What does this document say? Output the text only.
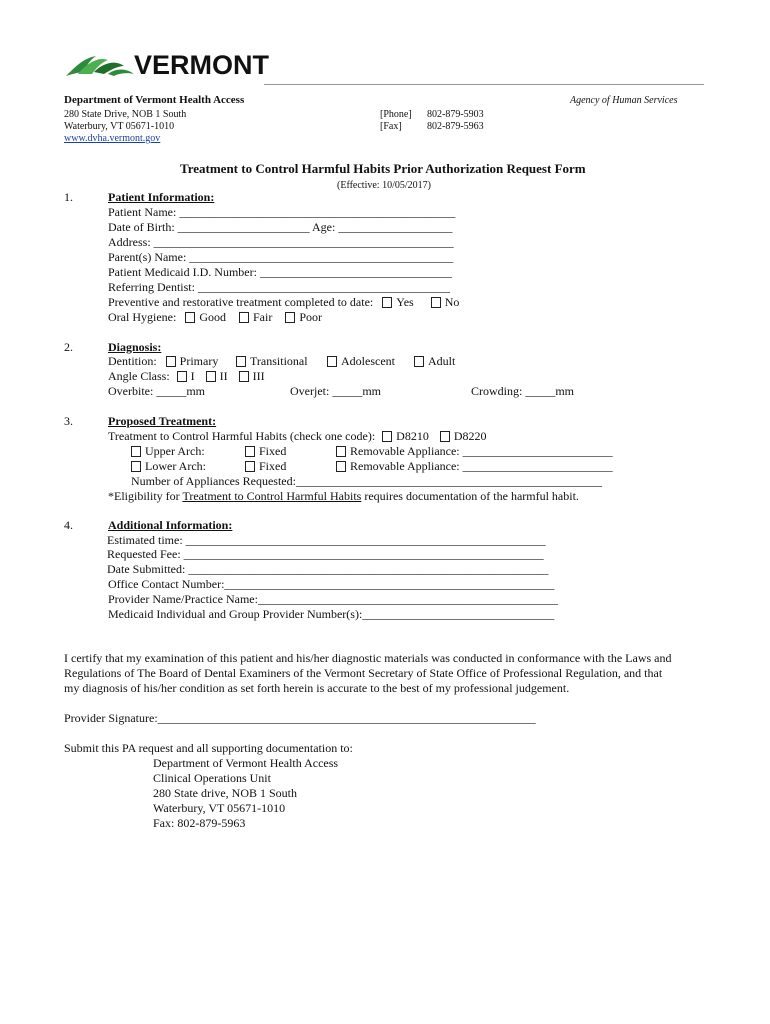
VERMONT
Department of Vermont Health Access	Agency of Human Services
280 State Drive, NOB 1 South
Waterbury, VT 05671-1010
www.dvha.vermont.gov
[Phone] 802-879-5903
[Fax]	802-879-5963
Treatment to Control Harmful Habits Prior Authorization Request Form
(Effective: 10/05/2017)
1.	Patient Information:
Patient Name: ______________________________________________
Date of Birth: ______________________ Age: ___________________
Address: __________________________________________________
Parent(s) Name: ____________________________________________
Patient Medicaid I.D. Number: ________________________________
Referring Dentist: __________________________________________
Preventive and restorative treatment completed to date: Yes	No
Oral Hygiene: Good Fair Poor
2.	Diagnosis:
Dentition: Primary	Transitional	Adolescent	Adult
Angle Class: I II III
Overbite: _____mm	Overjet: _____mm	Crowding: _____mm
3.	Proposed Treatment:
Treatment to Control Harmful Habits (check one code): D8210 D8220
Upper Arch:	Fixed	Removable Appliance: _________________________
Lower Arch:	Fixed	Removable Appliance: _________________________
Number of Appliances Requested:___________________________________________________
*Eligibility for Treatment to Control Harmful Habits requires documentation of the harmful habit.
4.	Additional Information:
Estimated time: ____________________________________________________________
Requested Fee: ____________________________________________________________
Date Submitted: ____________________________________________________________
Office Contact Number:_______________________________________________________
Provider Name/Practice Name:__________________________________________________
Medicaid Individual and Group Provider Number(s):________________________________
I certify that my examination of this patient and his/her diagnostic materials was conducted in conformance with the Laws and
Regulations of The Board of Dental Examiners of the Vermont Secretary of State Office of Professional Regulation, and that
my diagnosis of his/her condition as set forth herein is accurate to the best of my professional judgement.
Provider Signature:_______________________________________________________________
Submit this PA request and all supporting documentation to:
Department of Vermont Health Access
Clinical Operations Unit
280 State drive, NOB 1 South
Waterbury, VT 05671-1010
Fax: 802-879-5963
